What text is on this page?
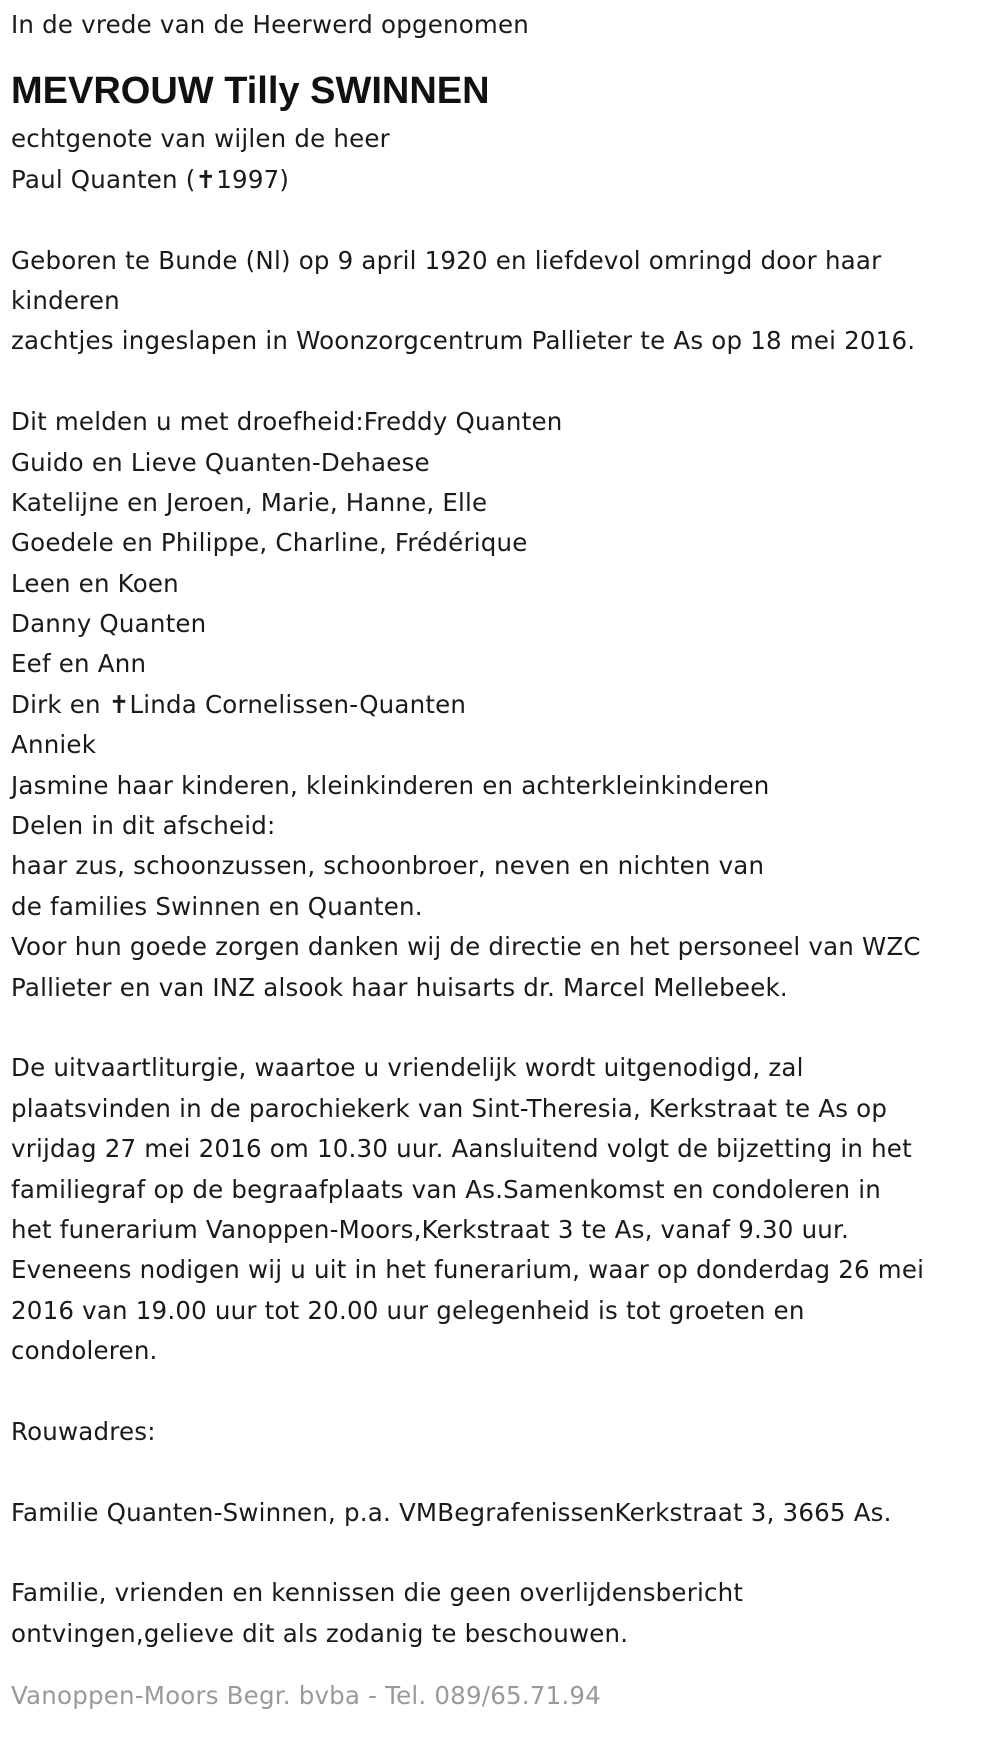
In de vrede van de Heerwerd opgenomen
MEVROUW Tilly SWINNEN
echtgenote van wijlen de heer
Paul Quanten (✝1997)
Geboren te Bunde (Nl) op 9 april 1920 en liefdevol omringd door haar
kinderen
zachtjes ingeslapen in Woonzorgcentrum Pallieter te As op 18 mei 2016.
Dit melden u met droefheid:Freddy Quanten
Guido en Lieve Quanten-Dehaese
Katelijne en Jeroen, Marie, Hanne, Elle
Goedele en Philippe, Charline, Frédérique
Leen en Koen
Danny Quanten
Eef en Ann
Dirk en ✝Linda Cornelissen-Quanten
Anniek
Jasmine haar kinderen, kleinkinderen en achterkleinkinderen
Delen in dit afscheid:
haar zus, schoonzussen, schoonbroer, neven en nichten van
de families Swinnen en Quanten.
Voor hun goede zorgen danken wij de directie en het personeel van WZC
Pallieter en van INZ alsook haar huisarts dr. Marcel Mellebeek.
De uitvaartliturgie, waartoe u vriendelijk wordt uitgenodigd, zal
plaatsvinden in de parochiekerk van Sint-Theresia, Kerkstraat te As op
vrijdag 27 mei 2016 om 10.30 uur. Aansluitend volgt de bijzetting in het
familiegraf op de begraafplaats van As.Samenkomst en condoleren in
het funerarium Vanoppen-Moors,Kerkstraat 3 te As, vanaf 9.30 uur.
Eveneens nodigen wij u uit in het funerarium, waar op donderdag 26 mei
2016 van 19.00 uur tot 20.00 uur gelegenheid is tot groeten en
condoleren.
Rouwadres:
Familie Quanten-Swinnen, p.a. VMBegrafenissenKerkstraat 3, 3665 As.
Familie, vrienden en kennissen die geen overlijdensbericht
ontvingen,gelieve dit als zodanig te beschouwen.
Vanoppen-Moors Begr. bvba - Tel. 089/65.71.94
